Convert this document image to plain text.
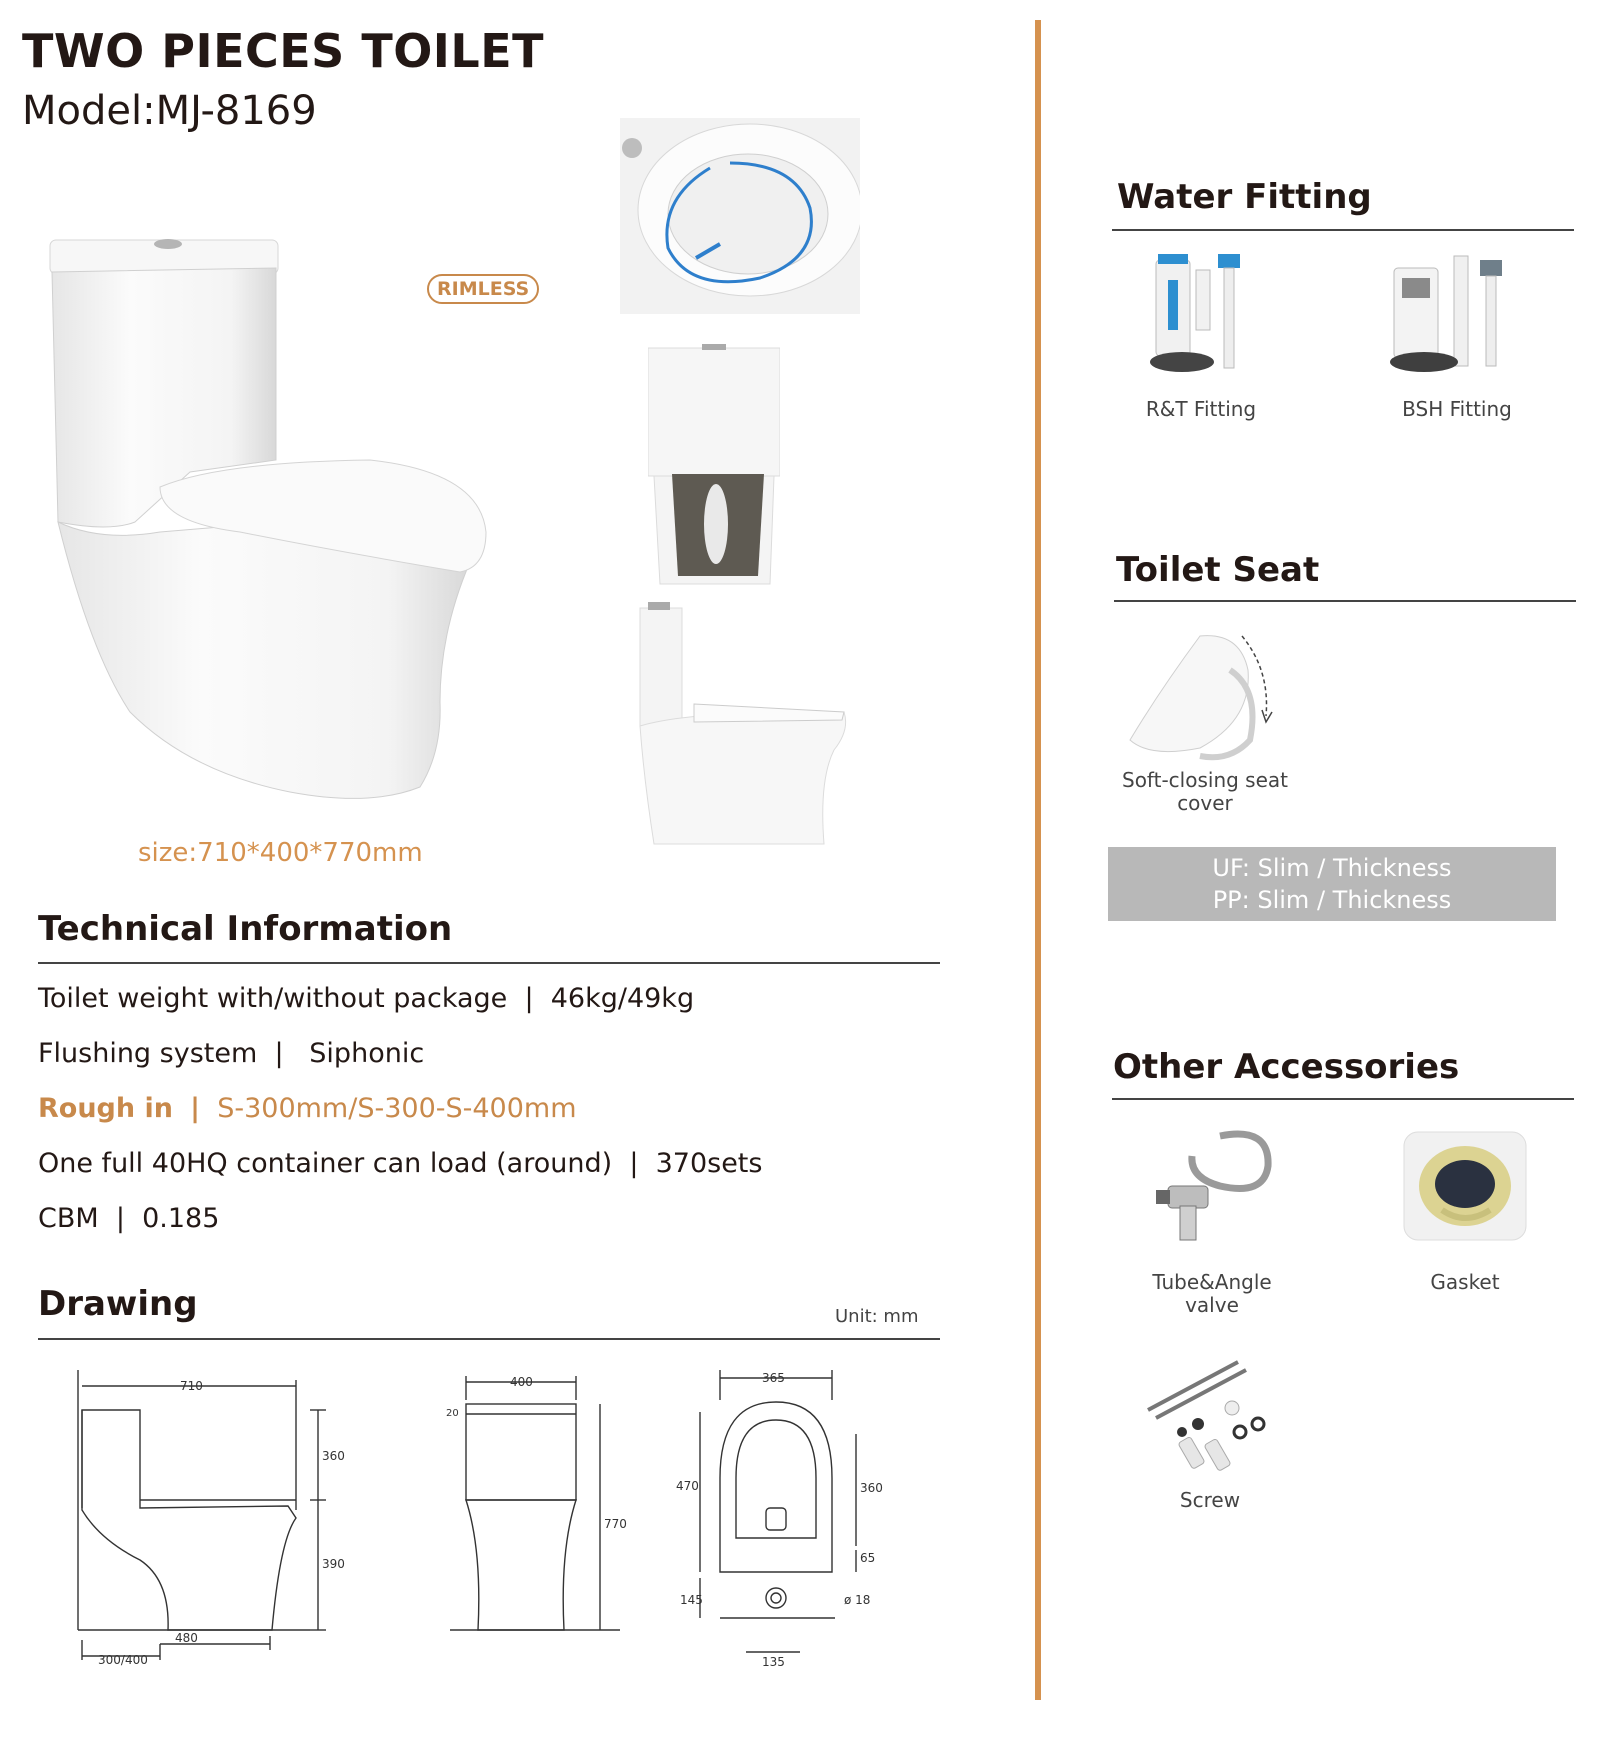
TWO PIECES TOILET
Model:MJ-8169
RIMLESS
size:710*400*770mm
Technical Information
Toilet weight with/without package  |  46kg/49kg
Flushing system  |   Siphonic
Rough in | S-300mm/S-300-S-400mm
One full 40HQ container can load (around)  |  370sets
CBM  |  0.185
Drawing	Unit: mm
710
360
390
480
300/400
400
20
770
365
470	360
65
145	ø 18
135
Water Fitting
R&T Fitting	BSH Fitting
Toilet Seat
Soft-closing seat
cover
UF: Slim / Thickness
PP: Slim / Thickness
Other Accessories
Tube&Angle
valve
Gasket
Screw
